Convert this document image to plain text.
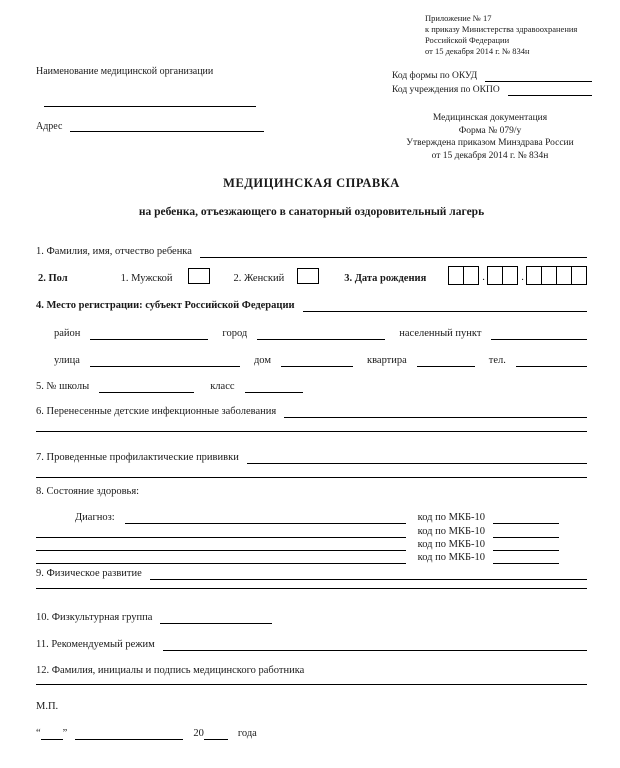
Приложение № 17
к приказу Министерства здравоохранения
Российской Федерации
от 15 декабря 2014 г. № 834н
Наименование медицинской организации
Адрес
Код формы по ОКУД
Код учреждения по ОКПО
Медицинская документация
Форма № 079/у
Утверждена приказом Минздрава России
от 15 декабря 2014 г. № 834н
МЕДИЦИНСКАЯ СПРАВКА
на ребенка, отъезжающего в санаторный оздоровительный лагерь
1. Фамилия, имя, отчество ребенка
2. Пол	1. Мужской	2. Женский	3. Дата рождения	.	.
4. Место регистрации: субъект Российской Федерации
район	город	населенный пункт
улица	дом	квартира	тел.
5. № школы	класс
6. Перенесенные детские инфекционные заболевания
7. Проведенные профилактические прививки
8. Состояние здоровья:
Диагноз:	код по МКБ-10
код по МКБ-10
код по МКБ-10
код по МКБ-10
9. Физическое развитие
10. Физкультурная группа
11. Рекомендуемый режим
12. Фамилия, инициалы и подпись медицинского работника
М.П.
“ ”	20	года
